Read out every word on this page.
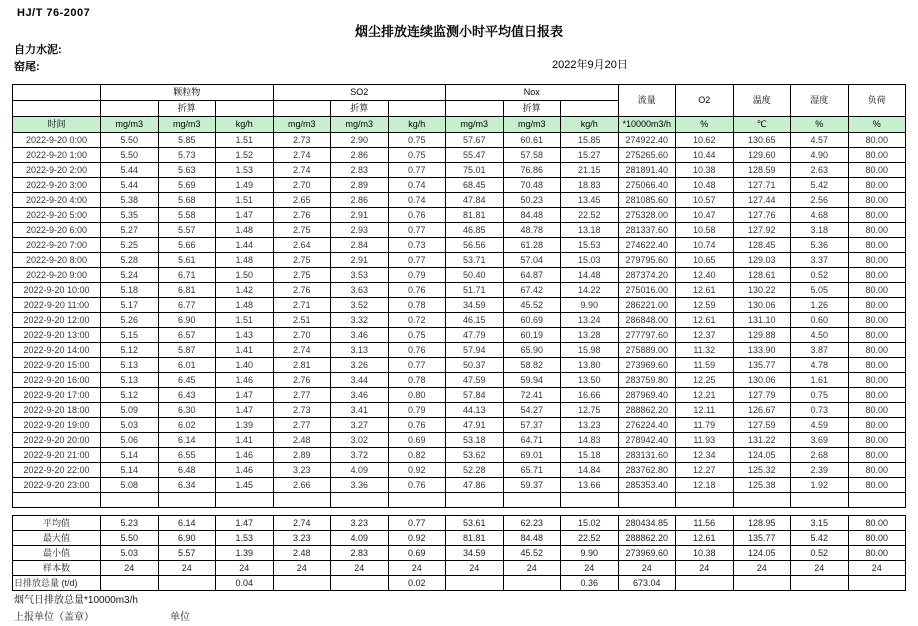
HJ/T 76-2007
烟尘排放连续监测小时平均值日报表
自力水泥:
窑尾:	2022年9月20日
	颗粒物			SO2			Nox			流量	O2	温度	湿度	负荷
		折算			折算			折算						
时间	mg/m3	mg/m3	kg/h	mg/m3	mg/m3	kg/h	mg/m3	mg/m3	kg/h	*10000m3/h	%	℃	%	%
2022-9-20 0:00	5.50	5.85	1.51	2.73	2.90	0.75	57.67	60.61	15.85	274922.40	10.62	130.65	4.57	80.00
2022-9-20 1:00	5.50	5.73	1.52	2.74	2.86	0.75	55.47	57.58	15.27	275265.60	10.44	129.60	4.90	80.00
2022-9-20 2:00	5.44	5.63	1.53	2.74	2.83	0.77	75.01	76.86	21.15	281891.40	10.38	128.59	2.63	80.00
2022-9-20 3:00	5.44	5.69	1.49	2.70	2.89	0.74	68.45	70.48	18.83	275066.40	10.48	127.71	5.42	80.00
2022-9-20 4:00	5.38	5.68	1.51	2.65	2.86	0.74	47.84	50.23	13.45	281085.60	10.57	127.44	2.56	80.00
2022-9-20 5:00	5.35	5.58	1.47	2.76	2.91	0.76	81.81	84.48	22.52	275328.00	10.47	127.76	4.68	80.00
2022-9-20 6:00	5.27	5.57	1.48	2.75	2.93	0.77	46.85	48.78	13.18	281337.60	10.58	127.92	3.18	80.00
2022-9-20 7:00	5.25	5.66	1.44	2.64	2.84	0.73	56.56	61.28	15.53	274622.40	10.74	128.45	5.36	80.00
2022-9-20 8:00	5.28	5.61	1.48	2.75	2.91	0.77	53.71	57.04	15.03	279795.60	10.65	129.03	3.37	80.00
2022-9-20 9:00	5.24	6.71	1.50	2.75	3.53	0.79	50.40	64.87	14.48	287374.20	12.40	128.61	0.52	80.00
2022-9-20 10:00	5.18	6.81	1.42	2.76	3.63	0.76	51.71	67.42	14.22	275016.00	12.61	130.22	5.05	80.00
2022-9-20 11:00	5.17	6.77	1.48	2.71	3.52	0.78	34.59	45.52	9.90	286221.00	12.59	130.06	1.26	80.00
2022-9-20 12:00	5.26	6.90	1.51	2.51	3.32	0.72	46.15	60.69	13.24	286848.00	12.61	131.10	0.60	80.00
2022-9-20 13:00	5.15	6.57	1.43	2.70	3.46	0.75	47.79	60.19	13.28	277797.60	12.37	129.88	4.50	80.00
2022-9-20 14:00	5.12	5.87	1.41	2.74	3.13	0.76	57.94	65.90	15.98	275889.00	11.32	133.90	3.87	80.00
2022-9-20 15:00	5.13	6.01	1.40	2.81	3.26	0.77	50.37	58.82	13.80	273969.60	11.59	135.77	4.78	80.00
2022-9-20 16:00	5.13	6.45	1.46	2.76	3.44	0.78	47.59	59.94	13.50	283759.80	12.25	130.06	1.61	80.00
2022-9-20 17:00	5.12	6.43	1.47	2.77	3.46	0.80	57.84	72.41	16.66	287969.40	12.21	127.79	0.75	80.00
2022-9-20 18:00	5.09	6.30	1.47	2.73	3.41	0.79	44.13	54.27	12.75	288862.20	12.11	126.67	0.73	80.00
2022-9-20 19:00	5.03	6.02	1.39	2.77	3.27	0.76	47.91	57.37	13.23	276224.40	11.79	127.59	4.59	80.00
2022-9-20 20:00	5.06	6.14	1.41	2.48	3.02	0.69	53.18	64.71	14.83	278942.40	11.93	131.22	3.69	80.00
2022-9-20 21:00	5.14	6.55	1.46	2.89	3.72	0.82	53.62	69.01	15.18	283131.60	12.34	124.05	2.68	80.00
2022-9-20 22:00	5.14	6.48	1.46	3.23	4.09	0.92	52.28	65.71	14.84	283762.80	12.27	125.32	2.39	80.00
2022-9-20 23:00	5.08	6.34	1.45	2.66	3.36	0.76	47.86	59.37	13.66	285353.40	12.18	125.38	1.92	80.00

平均值	5.23	6.14	1.47	2.74	3.23	0.77	53.61	62.23	15.02	280434.85	11.56	128.95	3.15	80.00
最大值	5.50	6.90	1.53	3.23	4.09	0.92	81.81	84.48	22.52	288862.20	12.61	135.77	5.42	80.00
最小值	5.03	5.57	1.39	2.48	2.83	0.69	34.59	45.52	9.90	273969.60	10.38	124.05	0.52	80.00
样本数	24	24	24	24	24	24	24	24	24	24	24	24	24	24
日排放总量 (t/d)			0.04			0.02			0.36	673.04				
烟气日排放总量*10000m3/h
上报单位（盖章）	单位
